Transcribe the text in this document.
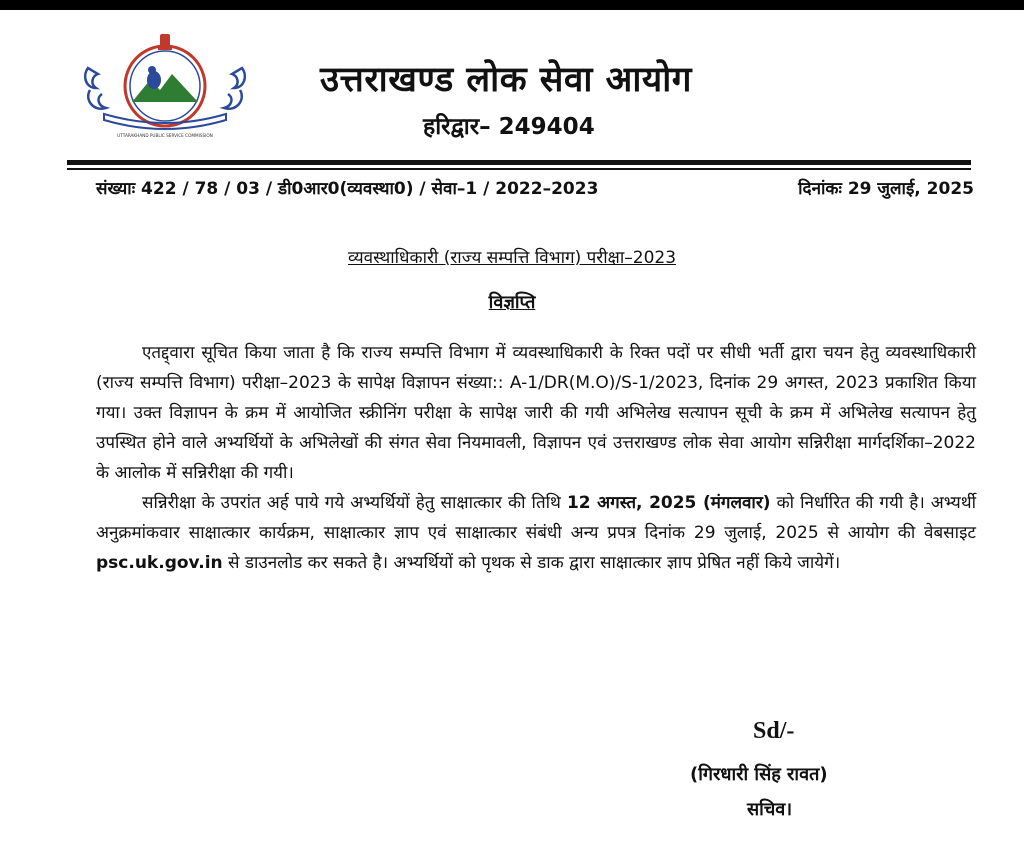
UTTARAKHAND PUBLIC SERVICE COMMISSION
उत्तराखण्ड लोक सेवा आयोग
हरिद्वार– 249404
संख्याः 422 / 78 / 03 / डी0आर0(व्यवस्था0) / सेवा–1 / 2022–2023	दिनांकः 29 जुलाई, 2025
व्यवस्थाधिकारी (राज्य सम्पत्ति विभाग) परीक्षा–2023
विज्ञप्ति

एतद्द्वारा सूचित किया जाता है कि राज्य सम्पत्ति विभाग में व्यवस्थाधिकारी के रिक्त पदों पर सीधी भर्ती द्वारा चयन हेतु व्यवस्थाधिकारी (राज्य सम्पत्ति विभाग) परीक्षा–2023 के सापेक्ष विज्ञापन संख्या:: A-1/DR(M.O)/S-1/2023, दिनांक 29 अगस्त, 2023 प्रकाशित किया गया। उक्त विज्ञापन के क्रम में आयोजित स्क्रीनिंग परीक्षा के सापेक्ष जारी की गयी अभिलेख सत्यापन सूची के क्रम में अभिलेख सत्यापन हेतु उपस्थित होने वाले अभ्यर्थियों के अभिलेखों की संगत सेवा नियमावली, विज्ञापन एवं उत्तराखण्ड लोक सेवा आयोग सन्निरीक्षा मार्गदर्शिका–2022 के आलोक में सन्निरीक्षा की गयी।

सन्निरीक्षा के उपरांत अर्ह पाये गये अभ्यर्थियों हेतु साक्षात्कार की तिथि 12 अगस्त, 2025 (मंगलवार) को निर्धारित की गयी है। अभ्यर्थी अनुक्रमांकवार साक्षात्कार कार्यक्रम, साक्षात्कार ज्ञाप एवं साक्षात्कार संबंधी अन्य प्रपत्र दिनांक 29 जुलाई, 2025 से आयोग की वेबसाइट psc.uk.gov.in से डाउनलोड कर सकते है। अभ्यर्थियों को पृथक से डाक द्वारा साक्षात्कार ज्ञाप प्रेषित नहीं किये जायेगें।

Sd/-
(गिरधारी सिंह रावत)
सचिव।
